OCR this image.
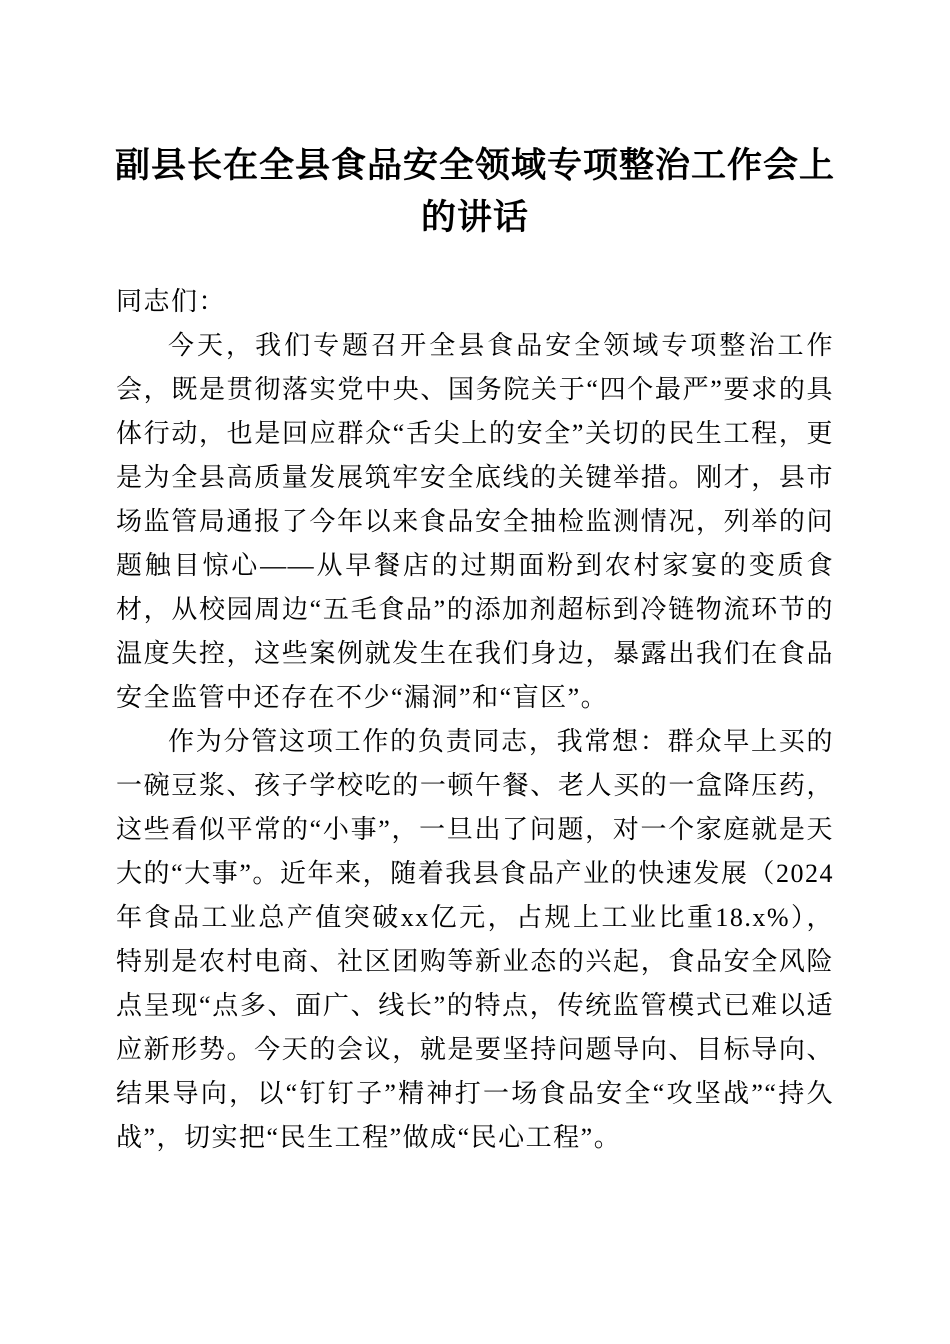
副县长在全县食品安全领域专项整治工作会上的讲话

同志们：

今天，我们专题召开全县食品安全领域专项整治工作会，既是贯彻落实党中央、国务院关于“四个最严”要求的具体行动，也是回应群众“舌尖上的安全”关切的民生工程，更是为全县高质量发展筑牢安全底线的关键举措。刚才，县市场监管局通报了今年以来食品安全抽检监测情况，列举的问题触目惊心——从早餐店的过期面粉到农村家宴的变质食材，从校园周边“五毛食品”的添加剂超标到冷链物流环节的温度失控，这些案例就发生在我们身边，暴露出我们在食品安全监管中还存在不少“漏洞”和“盲区”。

作为分管这项工作的负责同志，我常想：群众早上买的一碗豆浆、孩子学校吃的一顿午餐、老人买的一盒降压药，这些看似平常的“小事”，一旦出了问题，对一个家庭就是天大的“大事”。近年来，随着我县食品产业的快速发展（2024年食品工业总产值突破xx亿元，占规上工业比重18.x%），特别是农村电商、社区团购等新业态的兴起，食品安全风险点呈现“点多、面广、线长”的特点，传统监管模式已难以适应新形势。今天的会议，就是要坚持问题导向、目标导向、结果导向，以“钉钉子”精神打一场食品安全“攻坚战”“持久战”，切实把“民生工程”做成“民心工程”。
